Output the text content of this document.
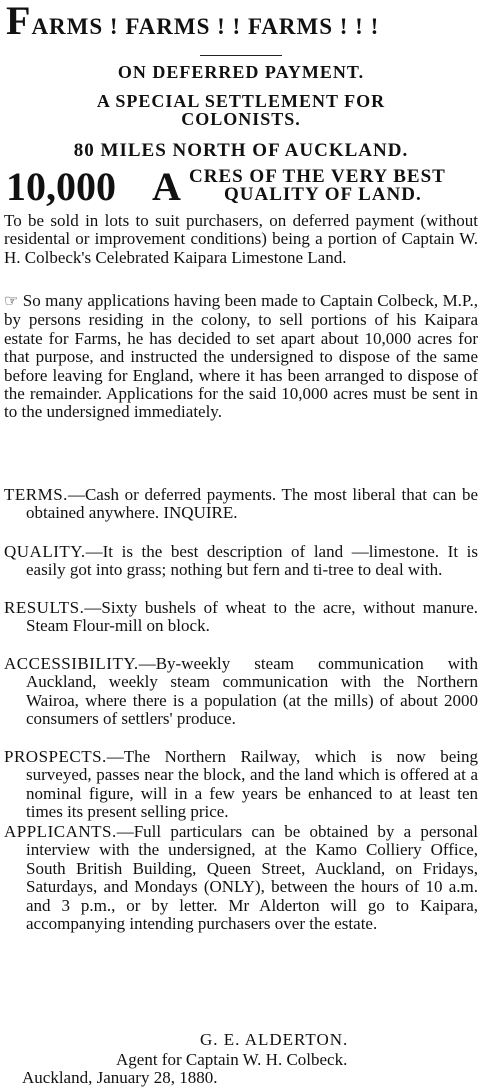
FARMS ! FARMS ! ! FARMS ! ! !
ON DEFERRED PAYMENT.
A SPECIAL SETTLEMENT FOR COLONISTS.
80 MILES NORTH OF AUCKLAND.
10,000 A CRES OF THE VERY BEST
QUALITY OF LAND.
To be sold in lots to suit purchasers, on deferred payment (without residental or improvement conditions) being a portion of Captain W. H. Colbeck's Celebrated Kaipara Limestone Land.
☞ So many applications having been made to Captain Colbeck, M.P., by persons residing in the colony, to sell portions of his Kaipara estate for Farms, he has decided to set apart about 10,000 acres for that purpose, and instructed the undersigned to dispose of the same before leaving for England, where it has been arranged to dispose of the remainder. Applications for the said 10,000 acres must be sent in to the undersigned immediately.
TERMS.—Cash or deferred payments. The most liberal that can be obtained anywhere. INQUIRE.
QUALITY.—It is the best description of land —limestone. It is easily got into grass; nothing but fern and ti-tree to deal with.
RESULTS.—Sixty bushels of wheat to the acre, without manure. Steam Flour-mill on block.
ACCESSIBILITY.—By-weekly steam communication with Auckland, weekly steam communication with the Northern Wairoa, where there is a population (at the mills) of about 2000 consumers of settlers' produce.
PROSPECTS.—The Northern Railway, which is now being surveyed, passes near the block, and the land which is offered at a nominal figure, will in a few years be enhanced to at least ten times its present selling price.
APPLICANTS.—Full particulars can be obtained by a personal interview with the undersigned, at the Kamo Colliery Office, South British Building, Queen Street, Auckland, on Fridays, Saturdays, and Mondays (ONLY), between the hours of 10 a.m. and 3 p.m., or by letter. Mr Alderton will go to Kaipara, accompanying intending purchasers over the estate.
G. E. ALDERTON.
Agent for Captain W. H. Colbeck.
Auckland, January 28, 1880.
